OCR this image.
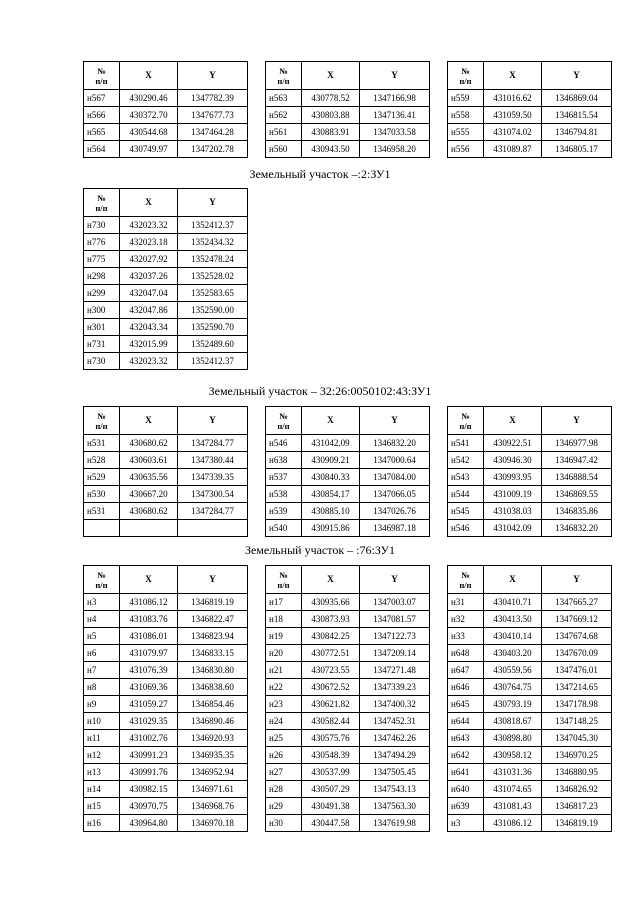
№
п/п	X	Y
н567	430290.46	1347782.39
н566	430372.70	1347677.73
н565	430544.68	1347464.28
н564	430749.97	1347202.78
№
п/п	X	Y
н563	430778.52	1347166.98
н562	430803.88	1347136.41
н561	430883.91	1347033.58
н560	430943.50	1346958.20
№
п/п	X	Y
н559	431016.62	1346869.04
н558	431059.50	1346815.54
н555	431074.02	1346794.81
н556	431089.87	1346805.17
Земельный участок –:2:ЗУ1
№
п/п	X	Y
н730	432023.32	1352412.37
н776	432023.18	1352434.32
н775	432027.92	1352478.24
н298	432037.26	1352528.02
н299	432047.04	1352583.65
н300	432047.86	1352590.00
н301	432043.34	1352590.70
н731	432015.99	1352489.60
н730	432023.32	1352412.37
Земельный участок – 32:26:0050102:43:ЗУ1
№
п/п	X	Y
н531	430680.62	1347284.77
н528	430603.61	1347380.44
н529	430635.56	1347339.35
н530	430667.20	1347300.54
н531	430680.62	1347284.77

№
п/п	X	Y
н546	431042.09	1346832.20
н638	430909.21	1347000.64
н537	430840.33	1347084.00
н538	430854.17	1347066.05
н539	430885.10	1347026.76
н540	430915.86	1346987.18
№
п/п	X	Y
н541	430922.51	1346977.98
н542	430946.30	1346947.42
н543	430993.95	1346888.54
н544	431009.19	1346869.55
н545	431038.03	1346835.86
н546	431042.09	1346832.20
Земельный участок – :76:ЗУ1
№
п/п	X	Y
н3	431086.12	1346819.19
н4	431083.76	1346822.47
н5	431086.01	1346823.94
н6	431079.97	1346833.15
н7	431076.39	1346830.80
н8	431069.36	1346838.60
н9	431059.27	1346854.46
н10	431029.35	1346890.46
н11	431002.76	1346920.93
н12	430991.23	1346935.35
н13	430991.76	1346952.94
н14	430982.15	1346971.61
н15	430970.75	1346968.76
н16	430964.80	1346970.18
№
п/п	X	Y
н17	430935.66	1347003.07
н18	430873.93	1347081.57
н19	430842.25	1347122.73
н20	430772.51	1347209.14
н21	430723.55	1347271.48
н22	430672.52	1347339.23
н23	430621.82	1347400.32
н24	430582.44	1347452.31
н25	430575.76	1347462.26
н26	430548.39	1347494.29
н27	430537.99	1347505.45
н28	430507.29	1347543.13
н29	430491.38	1347563.30
н30	430447.58	1347619.98
№
п/п	X	Y
н31	430410.71	1347665.27
н32	430413.50	1347669.12
н33	430410.14	1347674.68
н648	430403.20	1347670.09
н647	430559.56	1347476.01
н646	430764.75	1347214.65
н645	430793.19	1347178.98
н644	430818.67	1347148.25
н643	430898.80	1347045.30
н642	430958.12	1346970.25
н641	431031.36	1346880.95
н640	431074.65	1346826.92
н639	431081.43	1346817.23
н3	431086.12	1346819.19
